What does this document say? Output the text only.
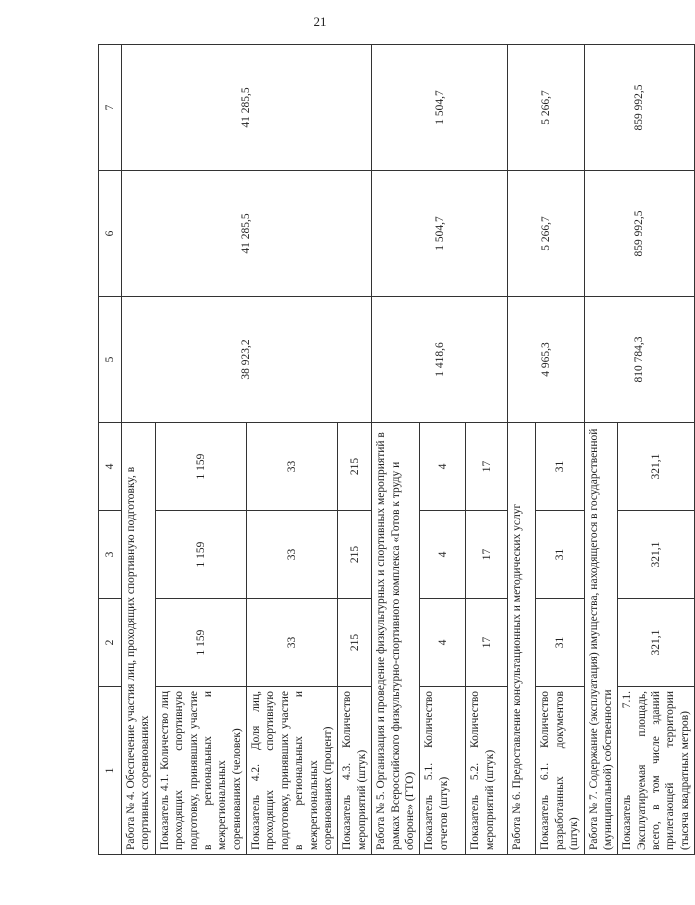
21
1	2	3	4	5	6	7
Работа № 4. Обеспечение участия лиц, проходящих спортивную подготовку, в спортивных соревнованиях				38 923,2	41 285,5	41 285,5
Показатель 4.1. Количество лиц проходящих спортивную подготовку, принявших участие в региональных и межрегиональных соревнованиях (человек)	1 159	1 159	1 159			
Показатель 4.2. Доля лиц, проходящих спортивную подготовку, принявших участие в региональных и межрегиональных соревнованиях (процент)	33	33	33			
Показатель 4.3. Количество мероприятий (штук)	215	215	215			
Работа № 5. Организация и проведение физкультурных и спортивных мероприятий в рамках Всероссийского физкультурно-спортивного комплекса «Готов к труду и обороне» (ГТО)				1 418,6	1 504,7	1 504,7
Показатель 5.1. Количество отчетов (штук)	4	4	4			
Показатель 5.2. Количество мероприятий (штук)	17	17	17			
Работа № 6. Предоставление консультационных и методических услуг				4 965,3	5 266,7	5 266,7
Показатель 6.1. Количество разработанных документов (штук)	31	31	31			
Работа № 7. Содержание (эксплуатация) имущества, находящегося в государственной (муниципальной) собственности				810 784,3	859 992,5	859 992,5
Показатель 7.1. Эксплуатируемая площадь, всего, в том числе зданий прилегающей территории (тысяча квадратных метров)	321,1	321,1	321,1			
